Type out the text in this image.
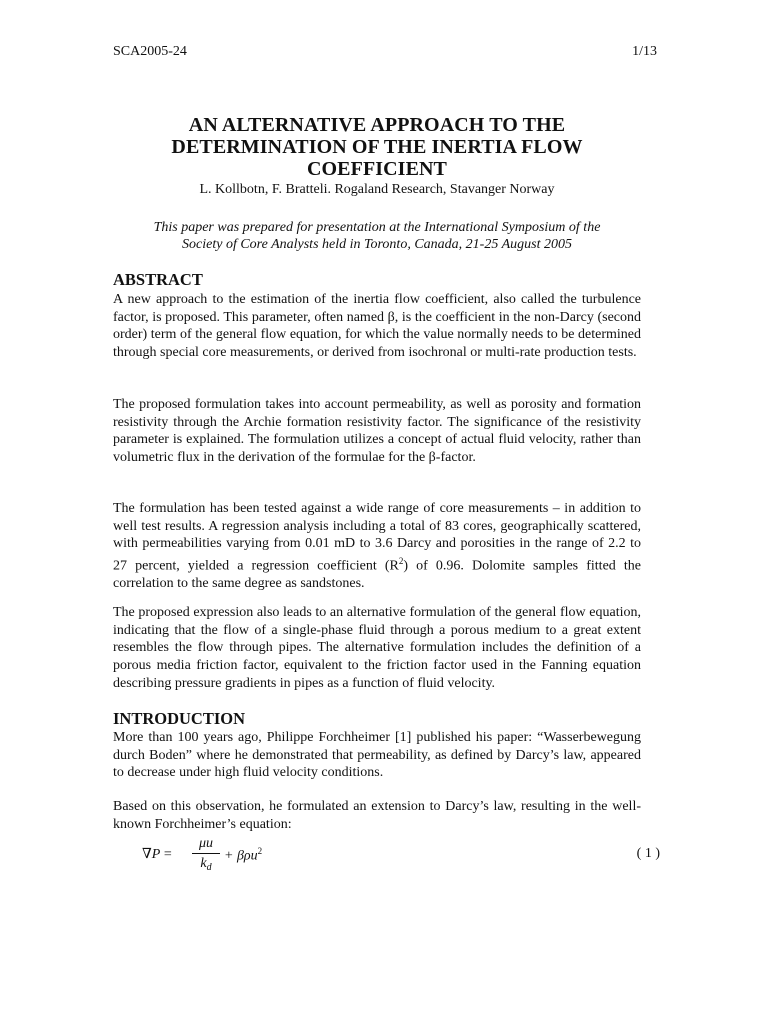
SCA2005-24	1/13
AN ALTERNATIVE APPROACH TO THE
DETERMINATION OF THE INERTIA FLOW
COEFFICIENT
L. Kollbotn, F. Bratteli. Rogaland Research, Stavanger Norway
This paper was prepared for presentation at the International Symposium of the
Society of Core Analysts held in Toronto, Canada, 21-25 August 2005
ABSTRACT

A new approach to the estimation of the inertia flow coefficient, also called the turbulence factor, is proposed. This parameter, often named β, is the coefficient in the non-Darcy (second order) term of the general flow equation, for which the value normally needs to be determined through special core measurements, or derived from isochronal or multi-rate production tests.

The proposed formulation takes into account permeability, as well as porosity and formation resistivity through the Archie formation resistivity factor. The significance of the resistivity parameter is explained. The formulation utilizes a concept of actual fluid velocity, rather than volumetric flux in the derivation of the formulae for the β-factor.

The formulation has been tested against a wide range of core measurements – in addition to well test results. A regression analysis including a total of 83 cores, geographically scattered, with permeabilities varying from 0.01 mD to 3.6 Darcy and porosities in the range of 2.2 to 27 percent, yielded a regression coefficient $(R^2)$ of 0.96. Dolomite samples fitted the correlation to the same degree as sandstones.

The proposed expression also leads to an alternative formulation of the general flow equation, indicating that the flow of a single-phase fluid through a porous medium to a great extent resembles the flow through pipes. The alternative formulation includes the definition of a porous media friction factor, equivalent to the friction factor used in the Fanning equation describing pressure gradients in pipes as a function of fluid velocity.

INTRODUCTION

More than 100 years ago, Philippe Forchheimer [1] published his paper: “Wasserbewegung durch Boden” where he demonstrated that permeability, as defined by Darcy’s law, appeared to decrease under high fluid velocity conditions.

Based on this observation, he formulated an extension to Darcy’s law, resulting in the well-known Forchheimer’s equation:

∇P =
μu
$k_d$
+ βρu$^2$	( 1 )
